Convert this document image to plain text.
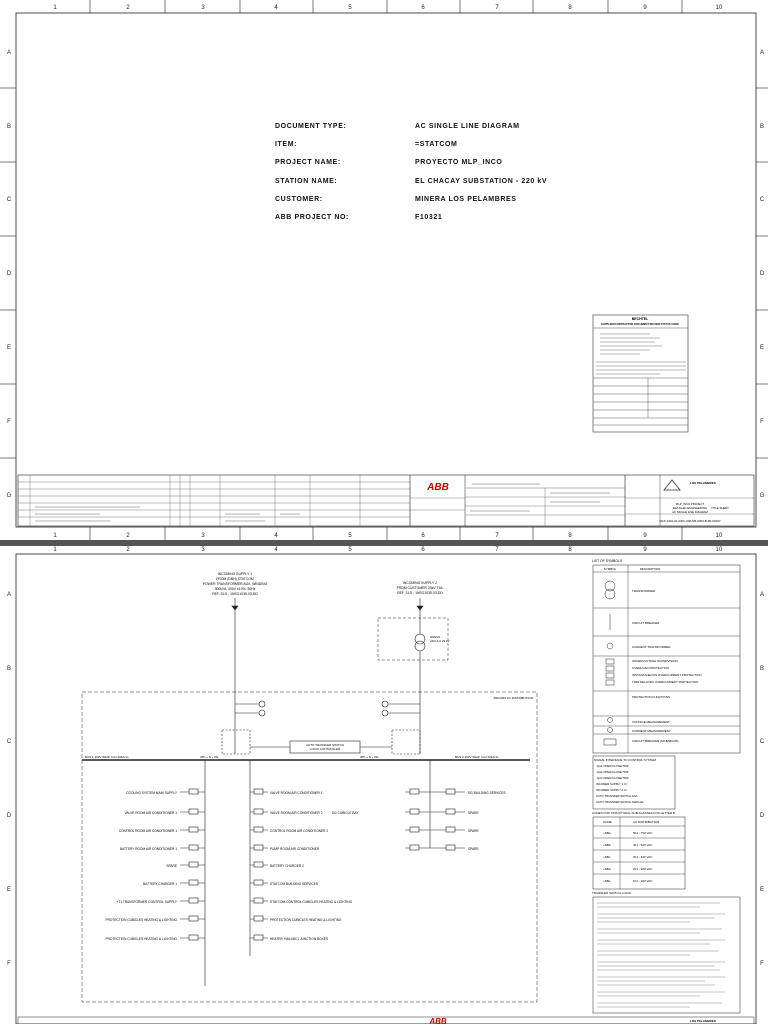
1	2	3	4	5	6	7	8	9	10
1	2	3	4	5	6	7	8	9	10
A
B
C
D
E
F
G
A
B
C
D
E
F
G
BECHTEL
SUPPLIER/CONTRACTOR DOCUMENT REVIEW STATUS CODE
ABB	LOS PELAMBRES
MLP_INCO PROJECT
DETAILED ENGINEERING
AC SINGLE LINE DIAGRAM
TITLE SHEET
MLP-1901-01-DDC-000-SB-0000-B-00-00107
DOCUMENT TYPE:	AC SINGLE LINE DIAGRAM
ITEM:	=STATCOM
PROJECT NAME:	PROYECTO MLP_INCO
STATION NAME:	EL CHACAY SUBSTATION - 220 kV
CUSTOMER:	MINERA LOS PELAMBRES
ABB PROJECT NO:	F10321
1	2	3	4	5	6	7	8	9	10
A
B
C
D
E
F
A
B
C
D
E
F
INCOMING SUPPLY 1
FROM (DBH) STATCOM
POWER TRANSFORMER AUX. WINDING
300kVA, 400V ±10%, 50Hz
REF. SLD - 1NSO1035-03-DD
INCOMING SUPPLY 2
FROM CUSTOMER 23kV T.NL
REF. SLD - 1NSO1035-03-DD
300kVA
23/0.4-0.23 kV
400/230V AC DISTRIBUTION
AUTO TRANSFER SWITCH
LOGIC CONTROLLER
BUS 1 400V 50HZ, Icw=10kA/1s	3Ph + N + PE	3Ph + N + PE	BUS 2 400V 50HZ, Icw=10kA/1s
COOLING SYSTEM MAIN SUPPLY
VALVE ROOM AIR CONDITIONER 1
CONTROL ROOM AIR CONDITIONER 1
BATTERY ROOM AIR CONDITIONER 1
SPARE
BATTERY CHARGER 1
+T1 TRANSFORMER CONTROL SUPPLY
PROTECTION CUBICLES HEATING & LIGHTING
PROTECTION CUBICLES HEATING & LIGHTING
VALVE ROOM AIR CONDITIONER 1
VALVE ROOM AIR CONDITIONER 2
CONTROL ROOM AIR CONDITIONER 2
PUMP ROOM AIR CONDITIONER
BATTERY CHARGER 2
STATCOM BUILDING SERVICES
STATCOM CONTROL CUBICLES HEATING & LIGHTING
PROTECTION CUBICLES HEATING & LIGHTING
HEATER +MA1/BC1 JUNCTION BOXES
DG BUILDING SERVICES
DG CUBICLE BAY	SPARE
SPARE
SPARE
LIST OF SYMBOLS
SYMBOL	DESCRIPTION
TRANSFORMER
CIRCUIT BREAKER
CURRENT TRANSFORMER
UNDERVOLTAGE SUPERVISION
OVERLOAD PROTECTION
INSTANTANEOUS OVERCURRENT PROTECTION
TIME DELAYED OVERCURRENT PROTECTION
PROTECTION FUNCTIONS
VOLTAGE MEASUREMENT
CURRENT MEASUREMENT
CIRCUIT BREAKER (MCB/MCCB)
SIGNAL INTERFACE TO CONTROL SYSTEM
-QA1 OPEN/CLOSE/TRIP
-QA2 OPEN/CLOSE/TRIP
-QA3 OPEN/CLOSE/TRIP
INCOMER SUPPLY 1 U<
INCOMER SUPPLY 2 U<
AUTO TRANSFER SWITCH FAIL
AUTO TRANSFER SWITCH MANUAL
CODES FOR STRUCTURAL SUB-CLASSES FOR LETTER B
CODE	AC DISTRIBUTION
+NBa	501 - 750 VAC
+NBb	401 - 500 VAC
+NBc	301 - 400 VAC
+NBd	201 - 300 VAC
+NBe	101 - 200 VAC
TRANSFER SWITCH LOGIC
ABB	LOS PELAMBRES
